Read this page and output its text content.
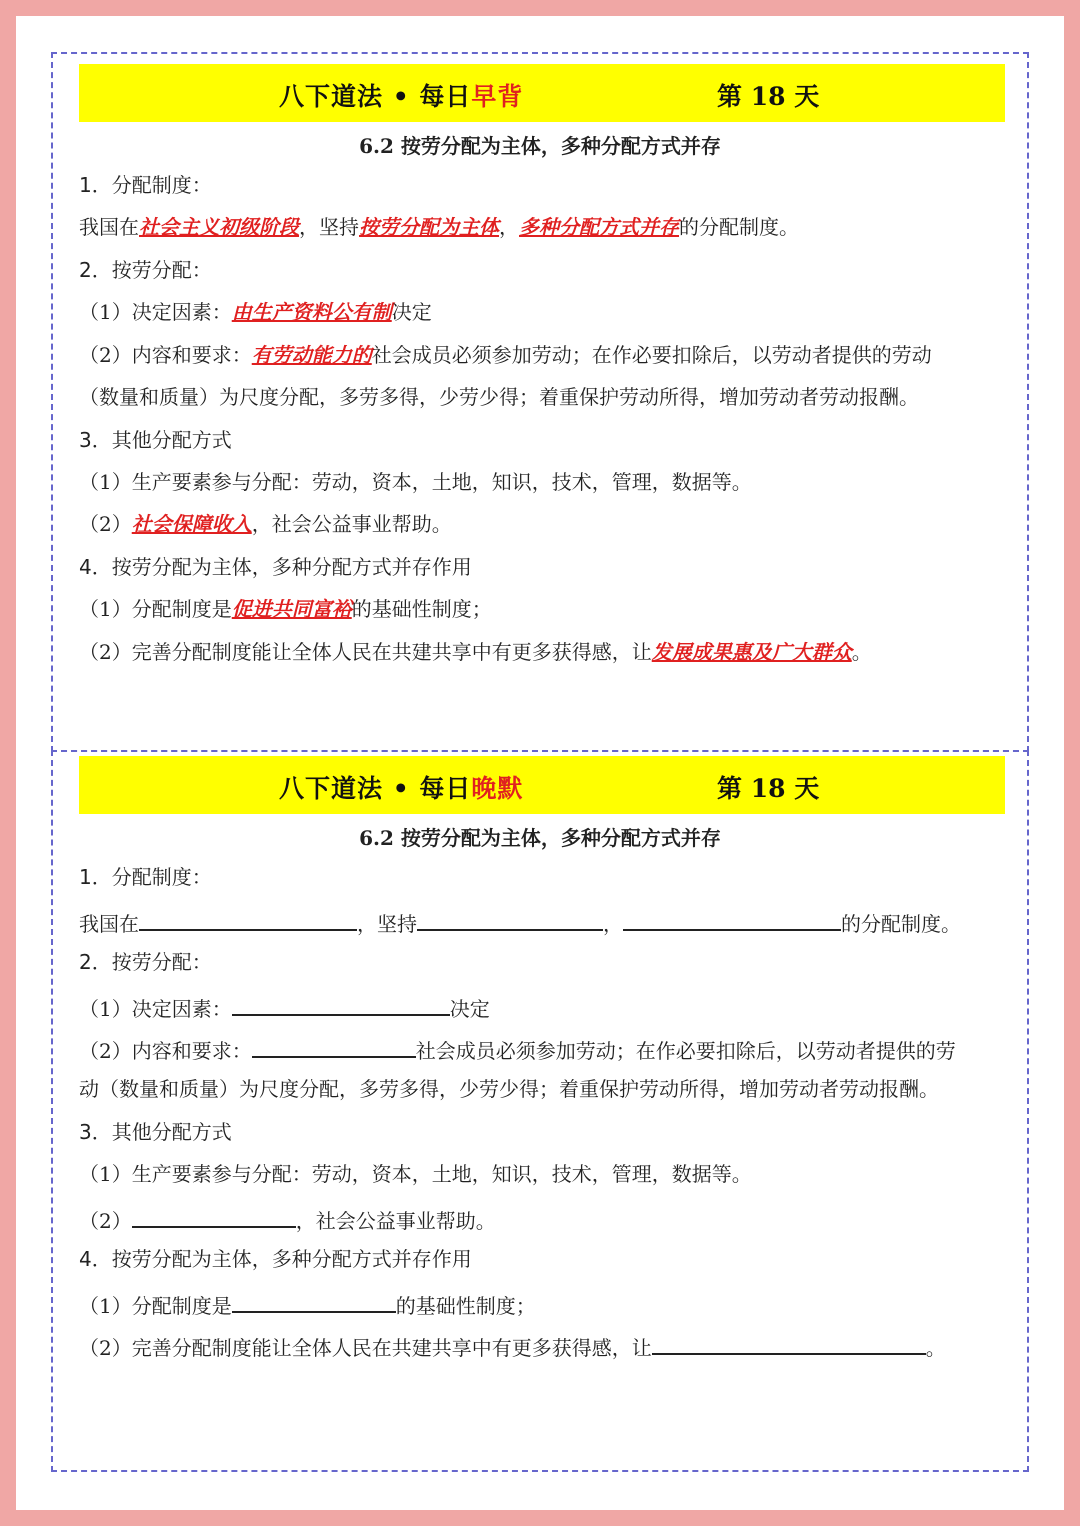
八下道法 • 每日早背	第 18 天
6.2 按劳分配为主体，多种分配方式并存
1．分配制度：
我国在社会主义初级阶段，坚持按劳分配为主体，多种分配方式并存的分配制度。
2．按劳分配：
（1）决定因素：由生产资料公有制决定
（2）内容和要求：有劳动能力的社会成员必须参加劳动；在作必要扣除后，以劳动者提供的劳动
（数量和质量）为尺度分配，多劳多得，少劳少得；着重保护劳动所得，增加劳动者劳动报酬。
3．其他分配方式
（1）生产要素参与分配：劳动，资本，土地，知识，技术，管理，数据等。
（2）社会保障收入，社会公益事业帮助。
4．按劳分配为主体，多种分配方式并存作用
（1）分配制度是促进共同富裕的基础性制度；
（2）完善分配制度能让全体人民在共建共享中有更多获得感，让发展成果惠及广大群众。
八下道法 • 每日晚默	第 18 天
6.2 按劳分配为主体，多种分配方式并存
1．分配制度：
我国在	，坚持	，	的分配制度。
2．按劳分配：
（1）决定因素：	决定
（2）内容和要求：	社会成员必须参加劳动；在作必要扣除后，以劳动者提供的劳
动（数量和质量）为尺度分配，多劳多得，少劳少得；着重保护劳动所得，增加劳动者劳动报酬。
3．其他分配方式
（1）生产要素参与分配：劳动，资本，土地，知识，技术，管理，数据等。
（2）	，社会公益事业帮助。
4．按劳分配为主体，多种分配方式并存作用
（1）分配制度是	的基础性制度；
（2）完善分配制度能让全体人民在共建共享中有更多获得感，让	。
